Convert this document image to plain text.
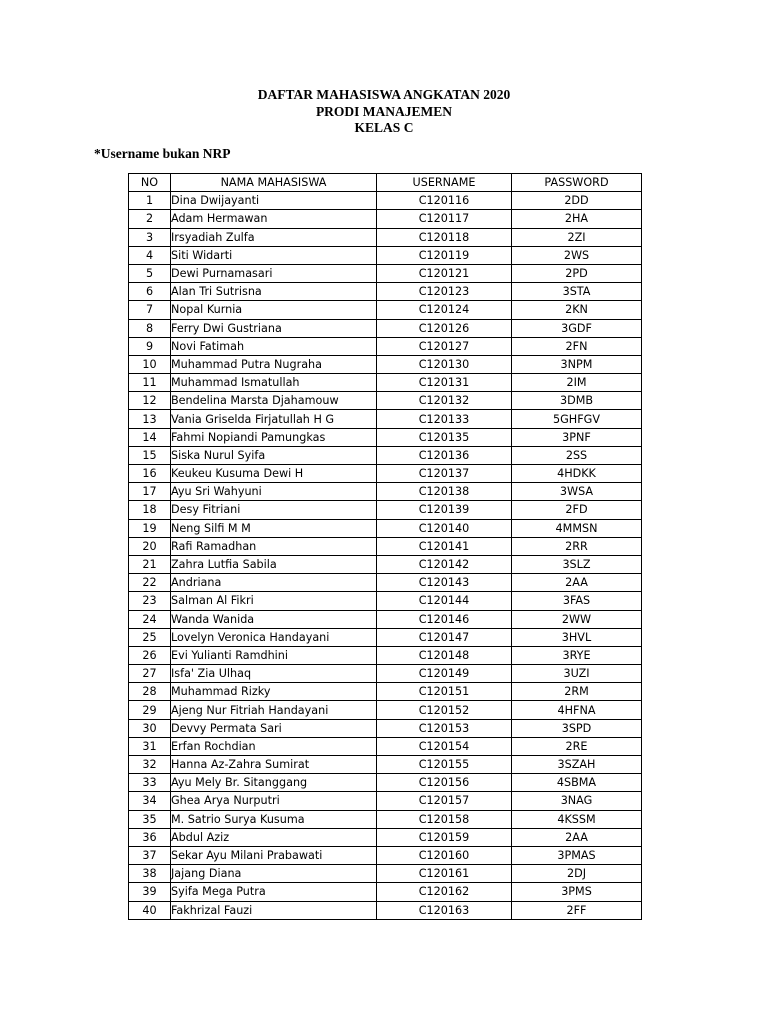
DAFTAR MAHASISWA ANGKATAN 2020
PRODI MANAJEMEN
KELAS C
*Username bukan NRP
NO	NAMA MAHASISWA	USERNAME	PASSWORD
1	Dina Dwijayanti	C120116	2DD
2	Adam Hermawan	C120117	2HA
3	Irsyadiah Zulfa	C120118	2ZI
4	Siti Widarti	C120119	2WS
5	Dewi Purnamasari	C120121	2PD
6	Alan Tri Sutrisna	C120123	3STA
7	Nopal Kurnia	C120124	2KN
8	Ferry Dwi Gustriana	C120126	3GDF
9	Novi Fatimah	C120127	2FN
10	Muhammad Putra Nugraha	C120130	3NPM
11	Muhammad Ismatullah	C120131	2IM
12	Bendelina Marsta Djahamouw	C120132	3DMB
13	Vania Griselda Firjatullah H G	C120133	5GHFGV
14	Fahmi Nopiandi Pamungkas	C120135	3PNF
15	Siska Nurul Syifa	C120136	2SS
16	Keukeu Kusuma Dewi H	C120137	4HDKK
17	Ayu Sri Wahyuni	C120138	3WSA
18	Desy Fitriani	C120139	2FD
19	Neng Silfi M M	C120140	4MMSN
20	Rafi Ramadhan	C120141	2RR
21	Zahra Lutfia Sabila	C120142	3SLZ
22	Andriana	C120143	2AA
23	Salman Al Fikri	C120144	3FAS
24	Wanda Wanida	C120146	2WW
25	Lovelyn Veronica Handayani	C120147	3HVL
26	Evi Yulianti Ramdhini	C120148	3RYE
27	Isfa' Zia Ulhaq	C120149	3UZI
28	Muhammad Rizky	C120151	2RM
29	Ajeng Nur Fitriah Handayani	C120152	4HFNA
30	Devvy Permata Sari	C120153	3SPD
31	Erfan Rochdian	C120154	2RE
32	Hanna Az-Zahra Sumirat	C120155	3SZAH
33	Ayu Mely Br. Sitanggang	C120156	4SBMA
34	Ghea Arya Nurputri	C120157	3NAG
35	M. Satrio Surya Kusuma	C120158	4KSSM
36	Abdul Aziz	C120159	2AA
37	Sekar Ayu Milani Prabawati	C120160	3PMAS
38	Jajang Diana	C120161	2DJ
39	Syifa Mega Putra	C120162	3PMS
40	Fakhrizal Fauzi	C120163	2FF
